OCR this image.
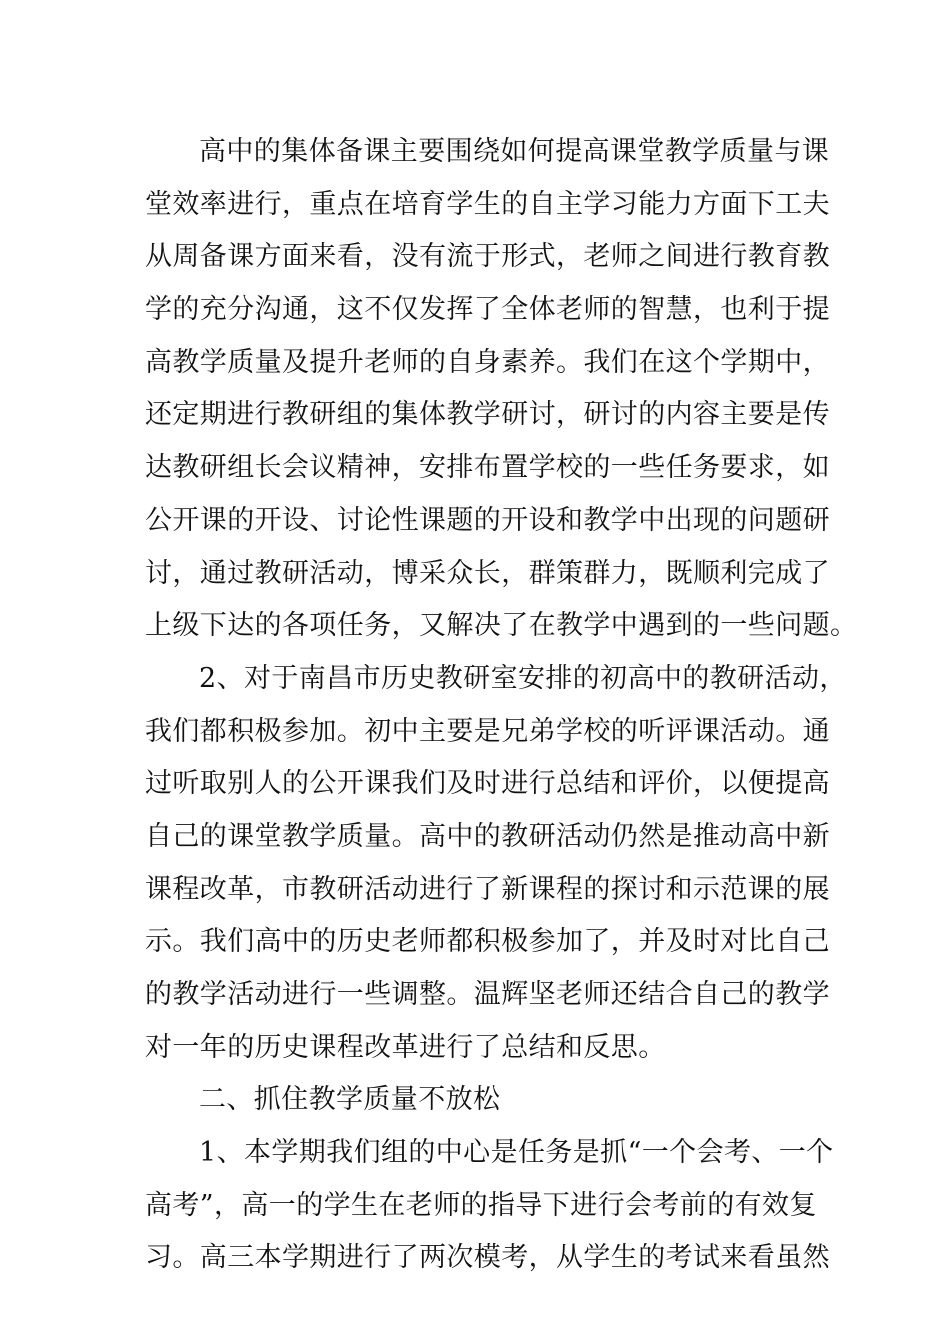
高中的集体备课主要围绕如何提高课堂教学质量与课
堂效率进行，重点在培育学生的自主学习能力方面下工夫
从周备课方面来看，没有流于形式，老师之间进行教育教
学的充分沟通，这不仅发挥了全体老师的智慧，也利于提
高教学质量及提升老师的自身素养。我们在这个学期中，
还定期进行教研组的集体教学研讨，研讨的内容主要是传
达教研组长会议精神，安排布置学校的一些任务要求，如
公开课的开设、讨论性课题的开设和教学中出现的问题研
讨，通过教研活动，博采众长，群策群力，既顺利完成了
上级下达的各项任务，又解决了在教学中遇到的一些问题。
2、对于南昌市历史教研室安排的初高中的教研活动，
我们都积极参加。初中主要是兄弟学校的听评课活动。通
过听取别人的公开课我们及时进行总结和评价，以便提高
自己的课堂教学质量。高中的教研活动仍然是推动高中新
课程改革，市教研活动进行了新课程的探讨和示范课的展
示。我们高中的历史老师都积极参加了，并及时对比自己
的教学活动进行一些调整。温辉坚老师还结合自己的教学
对一年的历史课程改革进行了总结和反思。
二、抓住教学质量不放松
1、本学期我们组的中心是任务是抓“一个会考、一个
高考”，高一的学生在老师的指导下进行会考前的有效复
习。高三本学期进行了两次模考，从学生的考试来看虽然
